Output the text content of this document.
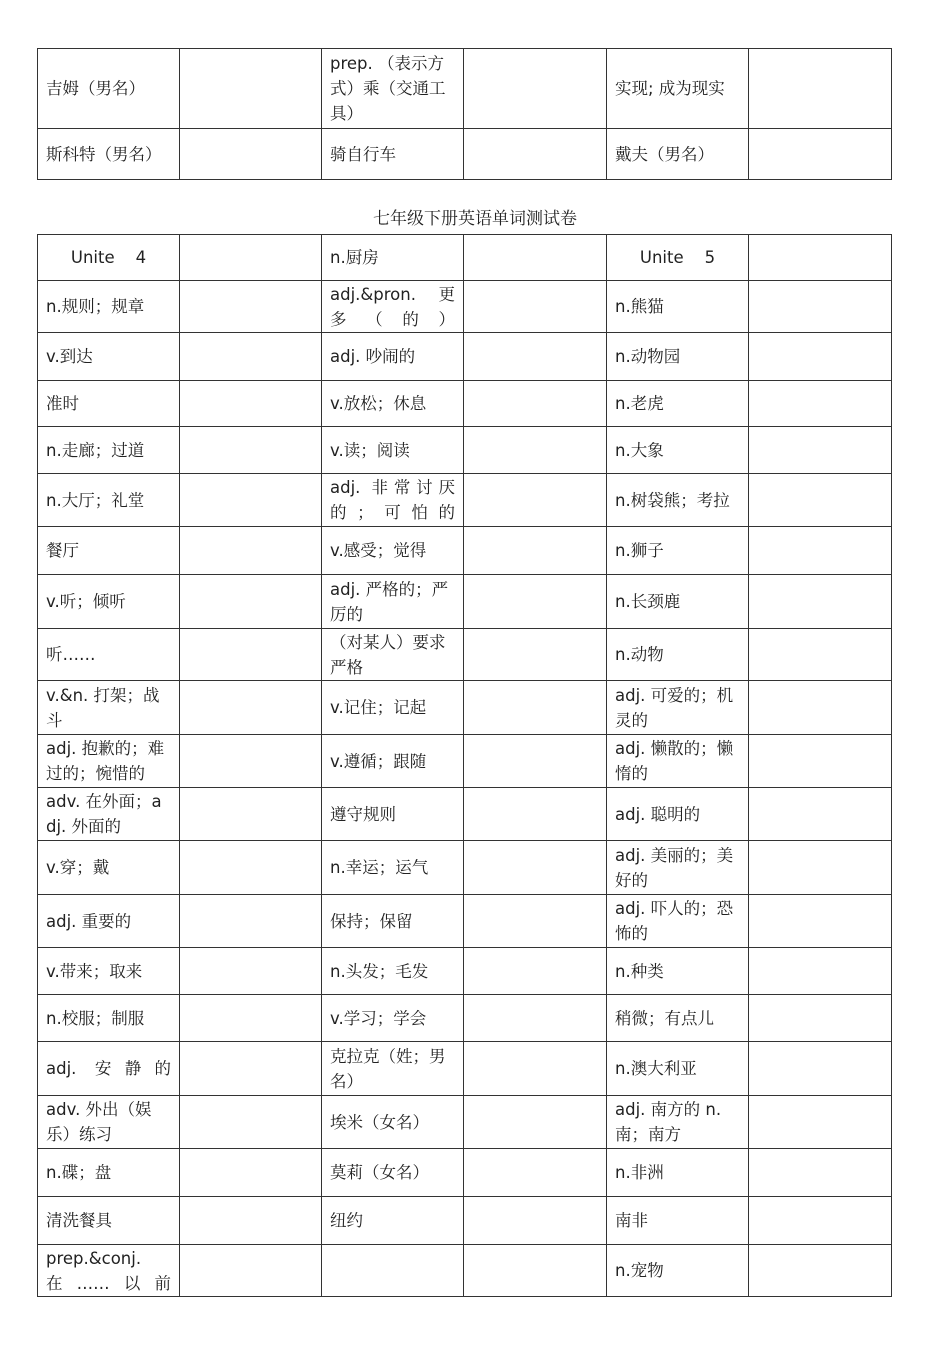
吉姆（男名）		prep. （表示方式）乘（交通工具）		实现; 成为现实	
斯科特（男名）		骑自行车		戴夫（男名）	
七年级下册英语单词测试卷
Unite    4		n.厨房		Unite    5	
n.规则；规章		adj.&pron.　更多（的）		n.熊猫	
v.到达		adj. 吵闹的		n.动物园	
准时		v.放松；休息		n.老虎	
n.走廊；过道		v.读；阅读		n.大象	
n.大厅；礼堂		adj. 非常讨厌的；可怕的		n.树袋熊；考拉	
餐厅		v.感受；觉得		n.狮子	
v.听；倾听		adj. 严格的；严厉的		n.长颈鹿	
听……		（对某人）要求严格		n.动物	
v.&n. 打架；战斗		v.记住；记起		adj. 可爱的；机灵的	
adj. 抱歉的；难过的；惋惜的		v.遵循；跟随		adj. 懒散的；懒惰的	
adv. 在外面；adj. 外面的		遵守规则		adj. 聪明的	
v.穿；戴		n.幸运；运气		adj. 美丽的；美好的	
adj. 重要的		保持；保留		adj. 吓人的；恐怖的	
v.带来；取来		n.头发；毛发		n.种类	
n.校服；制服		v.学习；学会		稍微；有点儿	
adj. 安静的		克拉克（姓；男名）		n.澳大利亚	
adv. 外出（娱乐）练习		埃米（女名）		adj. 南方的 n.南；南方	
n.碟；盘		莫莉（女名）		n.非洲	
清洗餐具		纽约		南非	
prep.&conj. 在……以前				n.宠物	
